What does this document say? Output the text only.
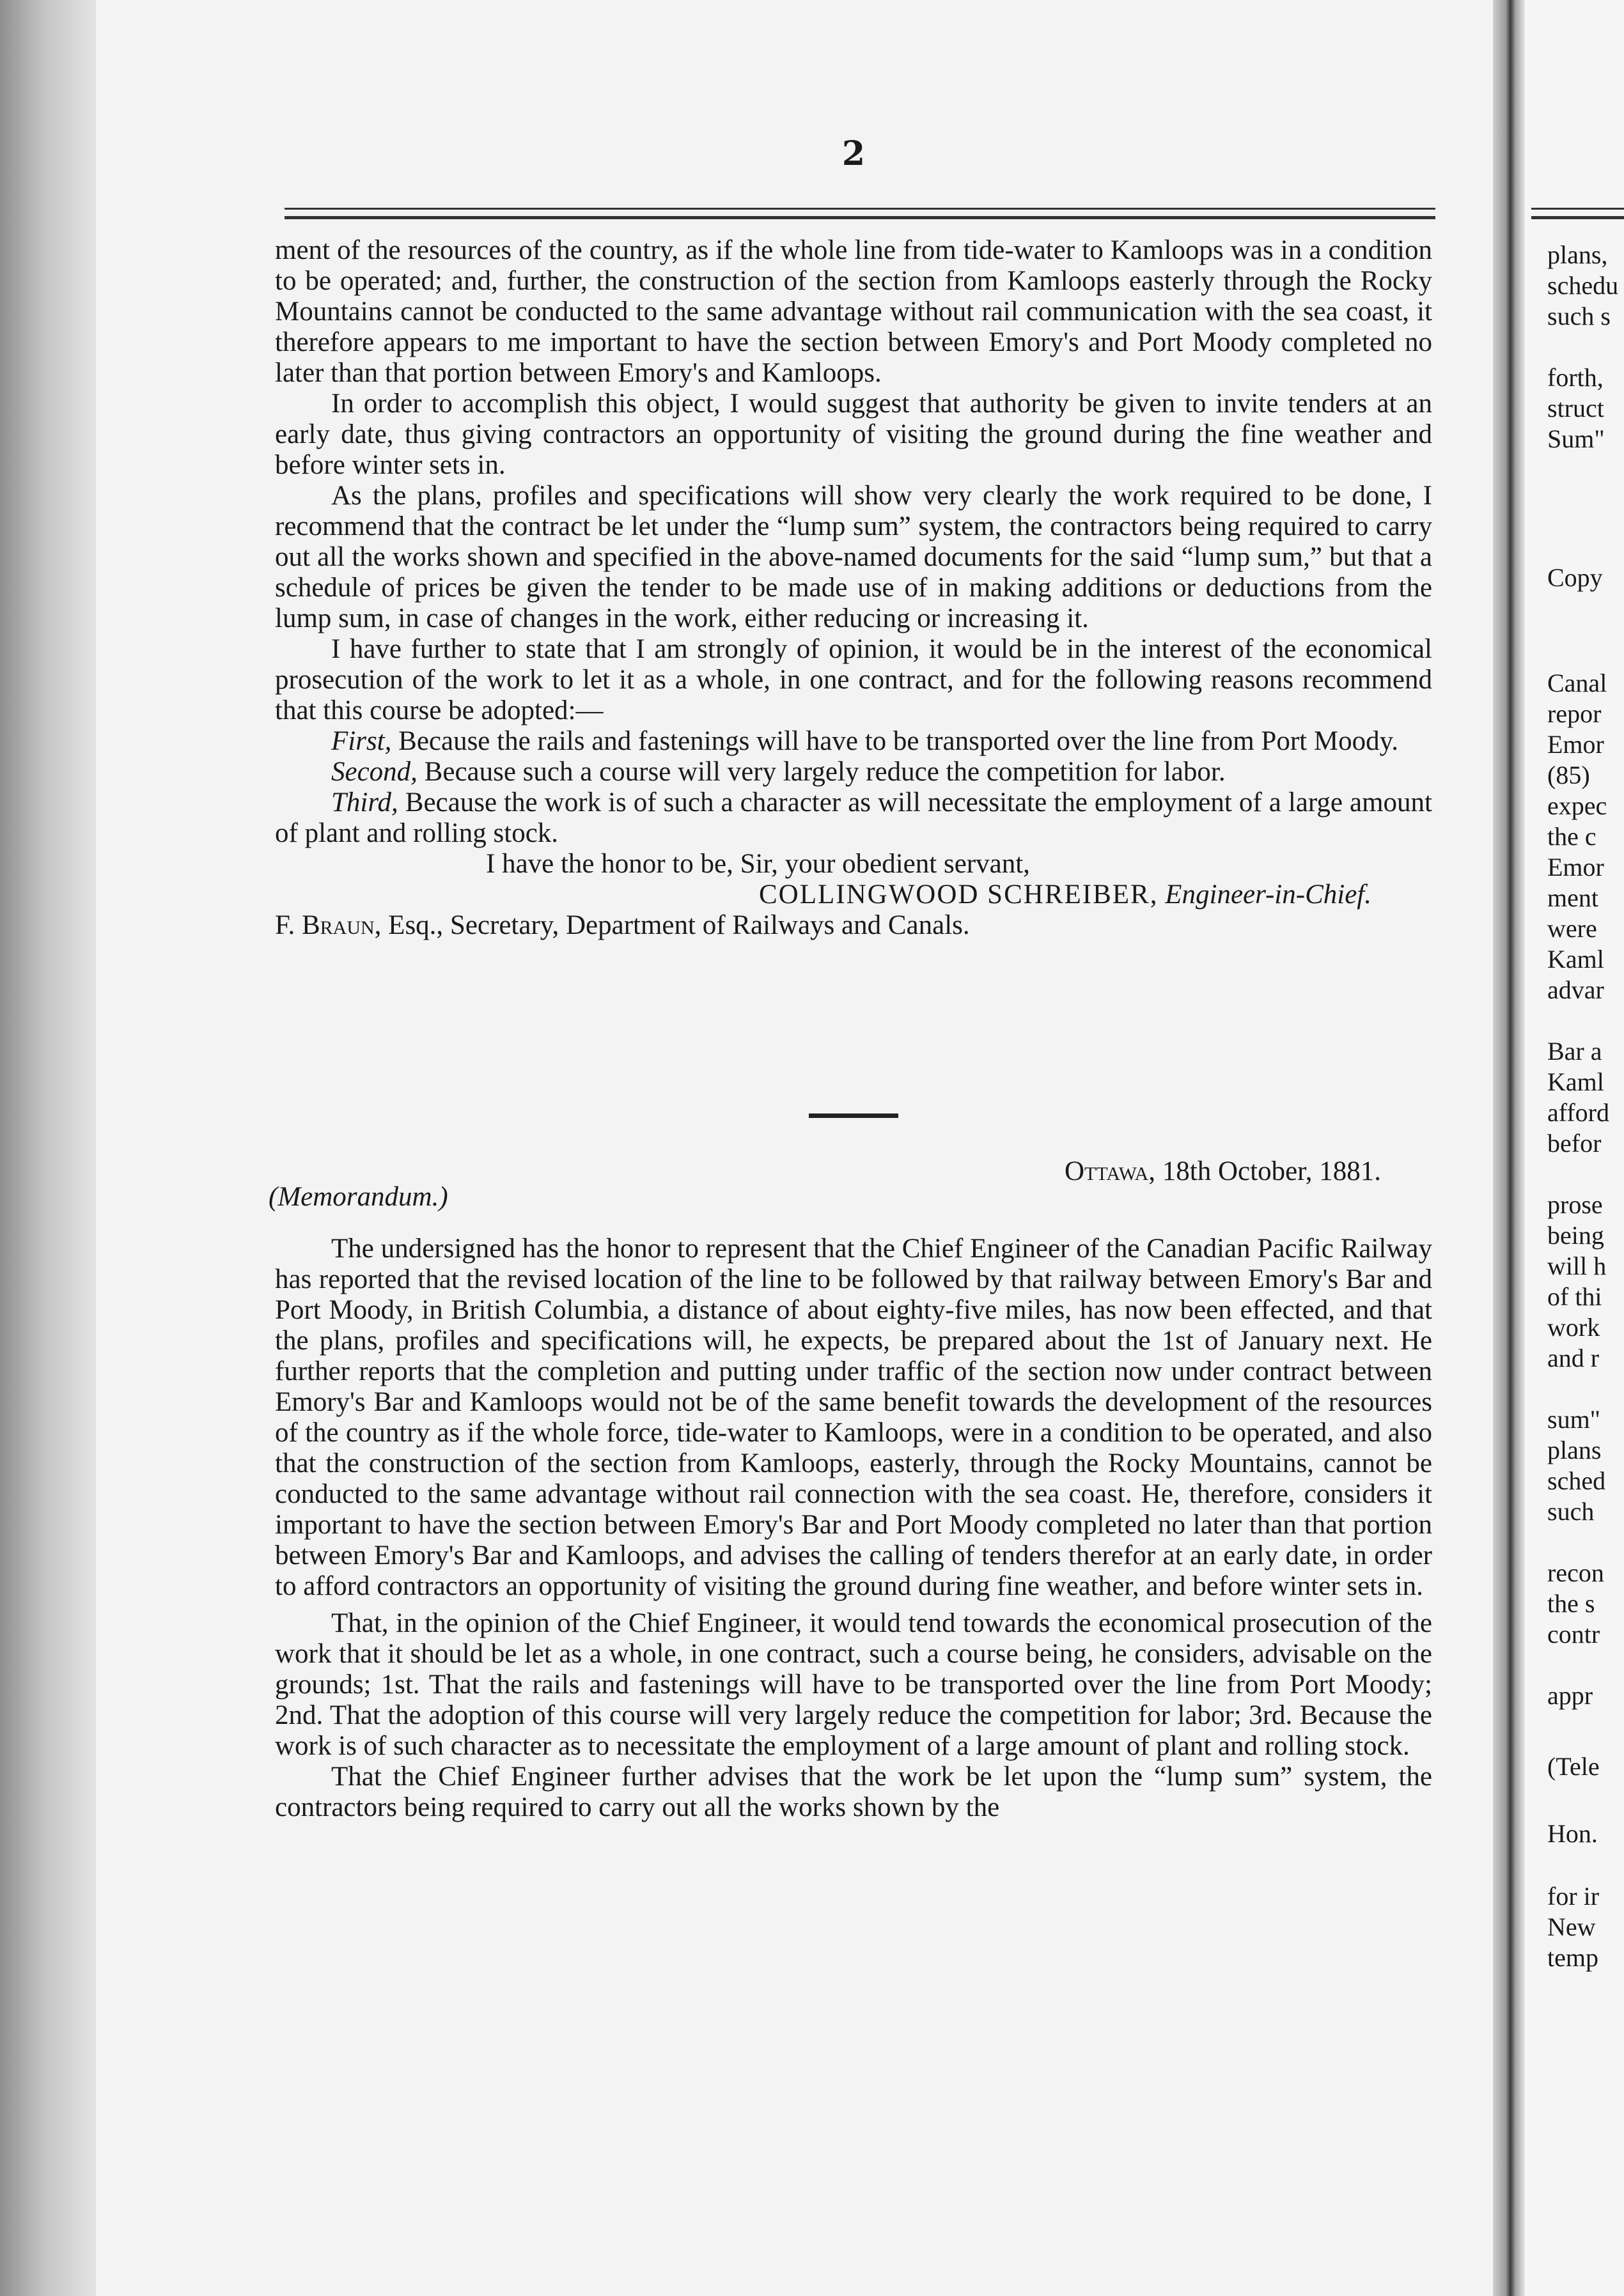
2

ment of the resources of the country, as if the whole line from tide-water to Kamloops was in a condition to be operated; and, further, the construction of the section from Kamloops easterly through the Rocky Mountains cannot be conducted to the same advantage without rail communication with the sea coast, it therefore appears to me important to have the section between Emory's and Port Moody completed no later than that portion between Emory's and Kamloops.

In order to accomplish this object, I would suggest that authority be given to invite tenders at an early date, thus giving contractors an opportunity of visiting the ground during the fine weather and before winter sets in.

As the plans, profiles and specifications will show very clearly the work required to be done, I recommend that the contract be let under the “lump sum” system, the contractors being required to carry out all the works shown and specified in the above-named documents for the said “lump sum,” but that a schedule of prices be given the tender to be made use of in making additions or deductions from the lump sum, in case of changes in the work, either reducing or increasing it.

I have further to state that I am strongly of opinion, it would be in the interest of the economical prosecution of the work to let it as a whole, in one contract, and for the following reasons recommend that this course be adopted:—

First, Because the rails and fastenings will have to be transported over the line from Port Moody.

Second, Because such a course will very largely reduce the competition for labor.

Third, Because the work is of such a character as will necessitate the employment of a large amount of plant and rolling stock.

I have the honor to be, Sir, your obedient servant,

COLLINGWOOD SCHREIBER, Engineer-in-Chief.

F. Braun, Esq., Secretary, Department of Railways and Canals.

Ottawa, 18th October, 1881.
(Memorandum.)

The undersigned has the honor to represent that the Chief Engineer of the Canadian Pacific Railway has reported that the revised location of the line to be followed by that railway between Emory's Bar and Port Moody, in British Columbia, a distance of about eighty-five miles, has now been effected, and that the plans, profiles and specifications will, he expects, be prepared about the 1st of January next. He further reports that the completion and putting under traffic of the section now under contract between Emory's Bar and Kamloops would not be of the same benefit towards the development of the resources of the country as if the whole force, tide-water to Kamloops, were in a condition to be operated, and also that the construction of the section from Kamloops, easterly, through the Rocky Mountains, cannot be conducted to the same advantage without rail connection with the sea coast. He, therefore, considers it important to have the section between Emory's Bar and Port Moody completed no later than that portion between Emory's Bar and Kamloops, and advises the calling of tenders therefor at an early date, in order to afford contractors an opportunity of visiting the ground during fine weather, and before winter sets in.

That, in the opinion of the Chief Engineer, it would tend towards the economical prosecution of the work that it should be let as a whole, in one contract, such a course being, he considers, advisable on the grounds; 1st. That the rails and fastenings will have to be transported over the line from Port Moody; 2nd. That the adoption of this course will very largely reduce the competition for labor; 3rd. Because the work is of such character as to necessitate the employment of a large amount of plant and rolling stock.

That the Chief Engineer further advises that the work be let upon the “lump sum” system, the contractors being required to carry out all the works shown by the

plans,
schedu
such s
forth,
struct
Sum"
Copy
Canal
repor
Emor
(85)
expec
the c
Emor
ment
were
Kaml
advar
Bar a
Kaml
afford
befor
prose
being
will h
of thi
work
and r
sum"
plans
sched
such
recon
the s
contr
appr
(Tele
Hon.
for ir
New
temp
